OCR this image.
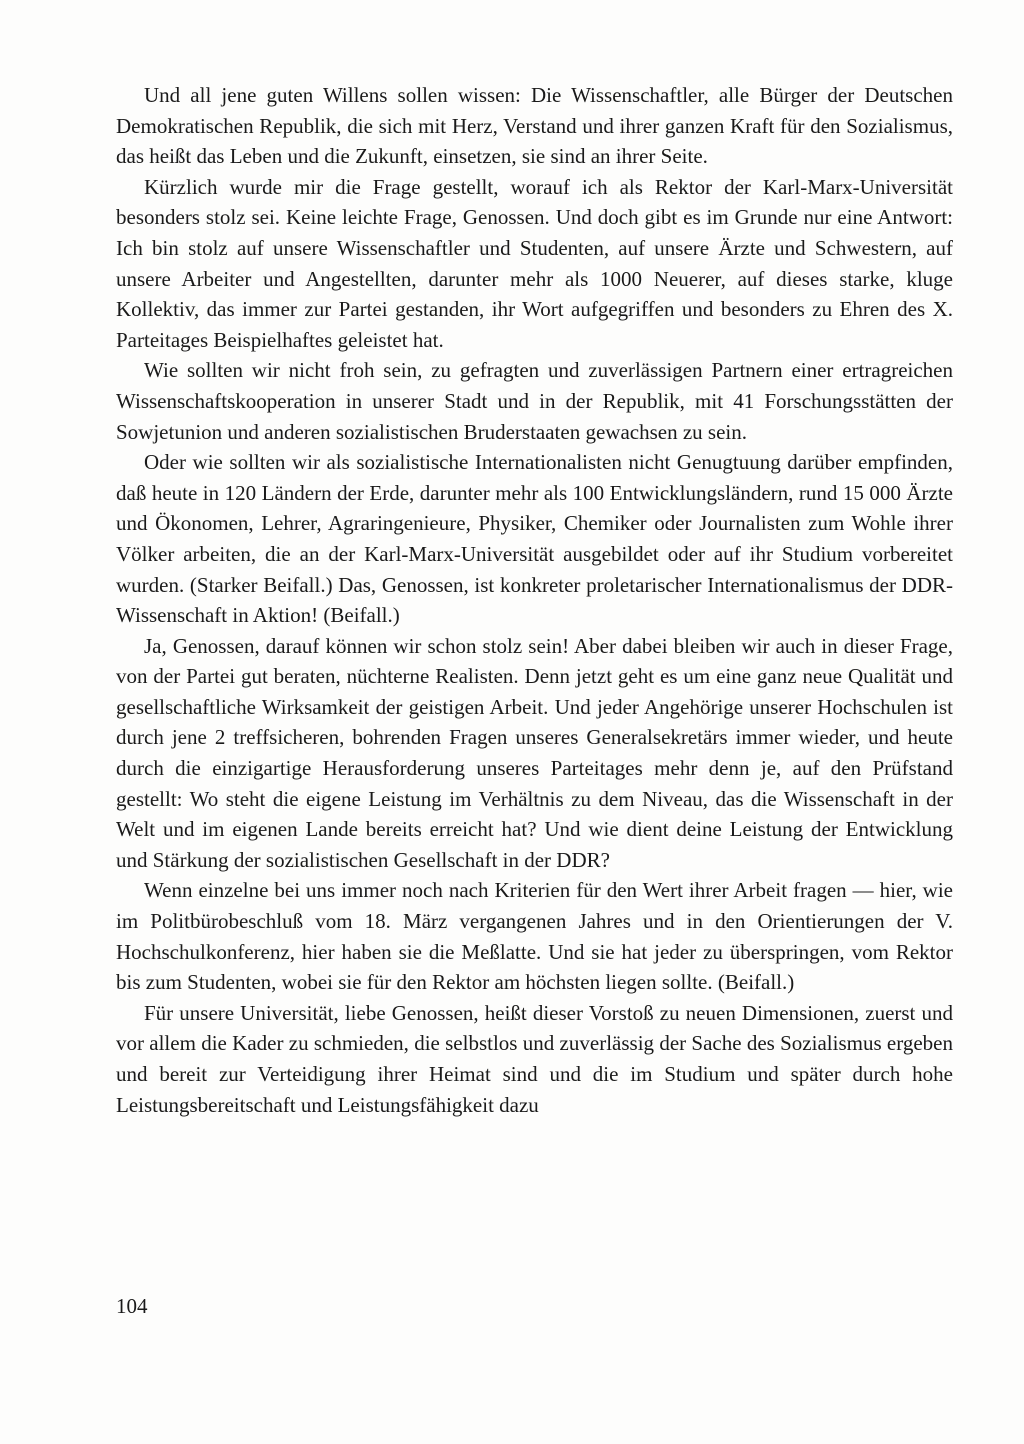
Und all jene guten Willens sollen wissen: Die Wissenschaftler, alle Bürger der Deutschen Demokratischen Republik, die sich mit Herz, Verstand und ihrer ganzen Kraft für den Sozialismus, das heißt das Leben und die Zukunft, einsetzen, sie sind an ihrer Seite.

Kürzlich wurde mir die Frage gestellt, worauf ich als Rektor der Karl-Marx-Universität besonders stolz sei. Keine leichte Frage, Genossen. Und doch gibt es im Grunde nur eine Antwort: Ich bin stolz auf unsere Wissenschaftler und Studenten, auf unsere Ärzte und Schwestern, auf unsere Arbeiter und Angestellten, darunter mehr als 1000 Neuerer, auf dieses starke, kluge Kollektiv, das immer zur Partei gestanden, ihr Wort aufgegriffen und besonders zu Ehren des X. Parteitages Beispielhaftes geleistet hat.

Wie sollten wir nicht froh sein, zu gefragten und zuverlässigen Partnern einer ertragreichen Wissenschaftskooperation in unserer Stadt und in der Republik, mit 41 Forschungsstätten der Sowjetunion und anderen sozialistischen Bruderstaaten gewachsen zu sein.

Oder wie sollten wir als sozialistische Internationalisten nicht Genugtuung darüber empfinden, daß heute in 120 Ländern der Erde, darunter mehr als 100 Entwicklungsländern, rund 15 000 Ärzte und Ökonomen, Lehrer, Agraringenieure, Physiker, Chemiker oder Journalisten zum Wohle ihrer Völker arbeiten, die an der Karl-Marx-Universität ausgebildet oder auf ihr Studium vorbereitet wurden. (Starker Beifall.) Das, Genossen, ist konkreter proletarischer Internationalismus der DDR-Wissenschaft in Aktion! (Beifall.)

Ja, Genossen, darauf können wir schon stolz sein! Aber dabei bleiben wir auch in dieser Frage, von der Partei gut beraten, nüchterne Realisten. Denn jetzt geht es um eine ganz neue Qualität und gesellschaftliche Wirksamkeit der geistigen Arbeit. Und jeder Angehörige unserer Hochschulen ist durch jene 2 treffsicheren, bohrenden Fragen unseres Generalsekretärs immer wieder, und heute durch die einzigartige Herausforderung unseres Parteitages mehr denn je, auf den Prüfstand gestellt: Wo steht die eigene Leistung im Verhältnis zu dem Niveau, das die Wissenschaft in der Welt und im eigenen Lande bereits erreicht hat? Und wie dient deine Leistung der Entwicklung und Stärkung der sozialistischen Gesellschaft in der DDR?

Wenn einzelne bei uns immer noch nach Kriterien für den Wert ihrer Arbeit fragen — hier, wie im Politbürobeschluß vom 18. März vergangenen Jahres und in den Orientierungen der V. Hochschulkonferenz, hier haben sie die Meßlatte. Und sie hat jeder zu überspringen, vom Rektor bis zum Studenten, wobei sie für den Rektor am höchsten liegen sollte. (Beifall.)

Für unsere Universität, liebe Genossen, heißt dieser Vorstoß zu neuen Dimensionen, zuerst und vor allem die Kader zu schmieden, die selbstlos und zuverlässig der Sache des Sozialismus ergeben und bereit zur Verteidigung ihrer Heimat sind und die im Studium und später durch hohe Leistungsbereitschaft und Leistungsfähigkeit dazu

104
